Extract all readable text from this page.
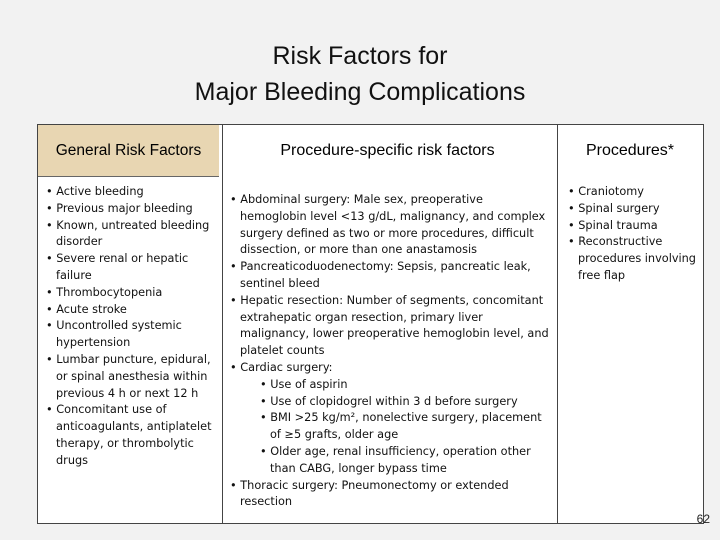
Risk Factors for
Major Bleeding Complications
General Risk Factors	Procedure-specific risk factors	Procedures*
• Active bleeding
• Previous major bleeding
• Known, untreated bleeding disorder
• Severe renal or hepatic failure
• Thrombocytopenia
• Acute stroke
• Uncontrolled systemic hypertension
• Lumbar puncture, epidural, or spinal anesthesia within previous 4 h or next 12 h
• Concomitant use of anticoagulants, antiplatelet therapy, or thrombolytic drugs
• Abdominal surgery: Male sex, preoperative hemoglobin level <13 g/dL, malignancy, and complex surgery defined as two or more procedures, difficult dissection, or more than one anastamosis
• Pancreaticoduodenectomy: Sepsis, pancreatic leak, sentinel bleed
• Hepatic resection: Number of segments, concomitant extrahepatic organ resection, primary liver malignancy, lower preoperative hemoglobin level, and platelet counts
• Cardiac surgery:
• Use of aspirin
• Use of clopidogrel within 3 d before surgery
• BMI >25 kg/m², nonelective surgery, placement of ≥5 grafts, older age
• Older age, renal insufficiency, operation other than CABG, longer bypass time
• Thoracic surgery: Pneumonectomy or extended resection
• Craniotomy
• Spinal surgery
• Spinal trauma
• Reconstructive procedures involving free flap
62
